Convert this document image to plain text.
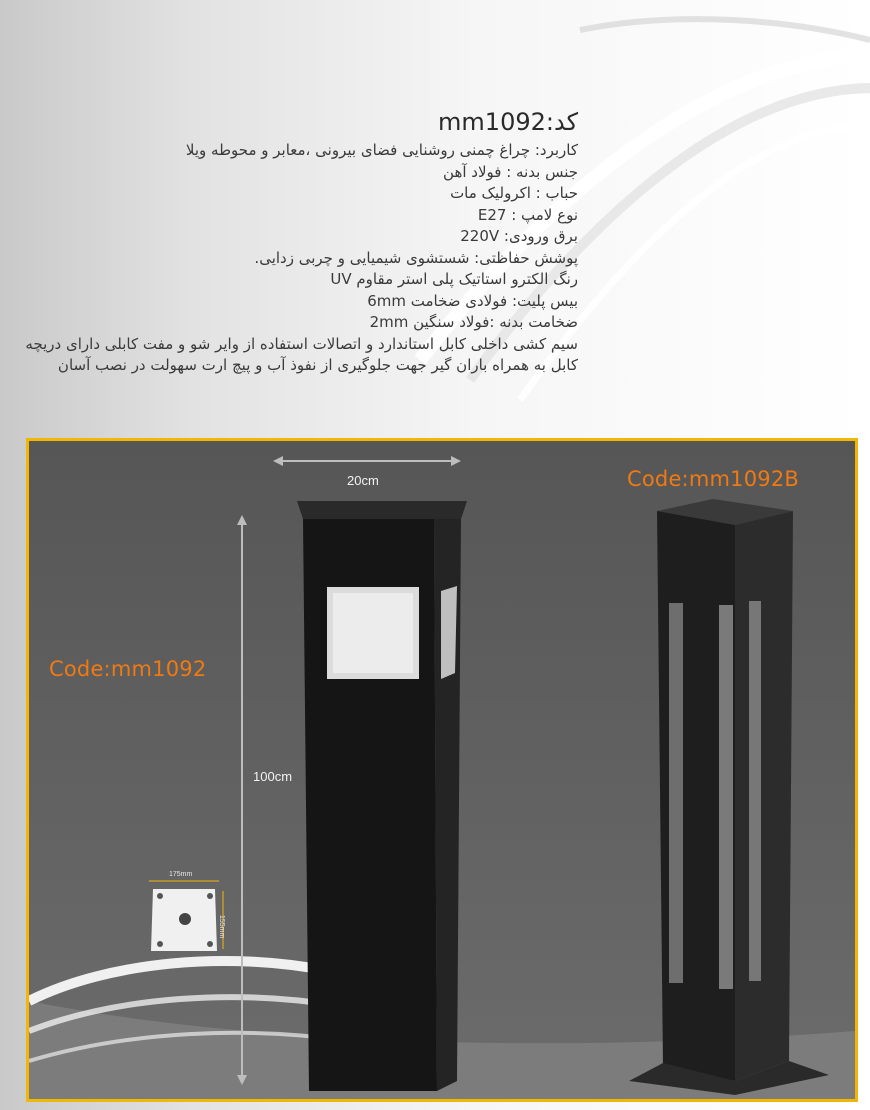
کد:mm1092
کاربرد: چراغ چمنی روشنایی فضای بیرونی ،معابر و محوطه ویلا
جنس بدنه : فولاد آهن
حباب : اکرولیک مات
نوع لامپ : E27
برق ورودی: 220V
پوشش حفاظتی: شستشوی شیمیایی و چربی زدایی.
رنگ الکترو استاتیک پلی استر مقاوم UV
بیس پلیت: فولادی ضخامت 6mm
ضخامت بدنه :فولاد سنگین 2mm
سیم کشی داخلی کابل استاندارد و اتصالات استفاده از وایر شو و مفت کابلی دارای دریچه کابل به همراه باران گیر جهت جلوگیری از نفوذ آب و پیچ ارت سهولت در نصب آسان
Code:mm1092
Code:mm1092B
20cm
100cm
175mm
155mm
